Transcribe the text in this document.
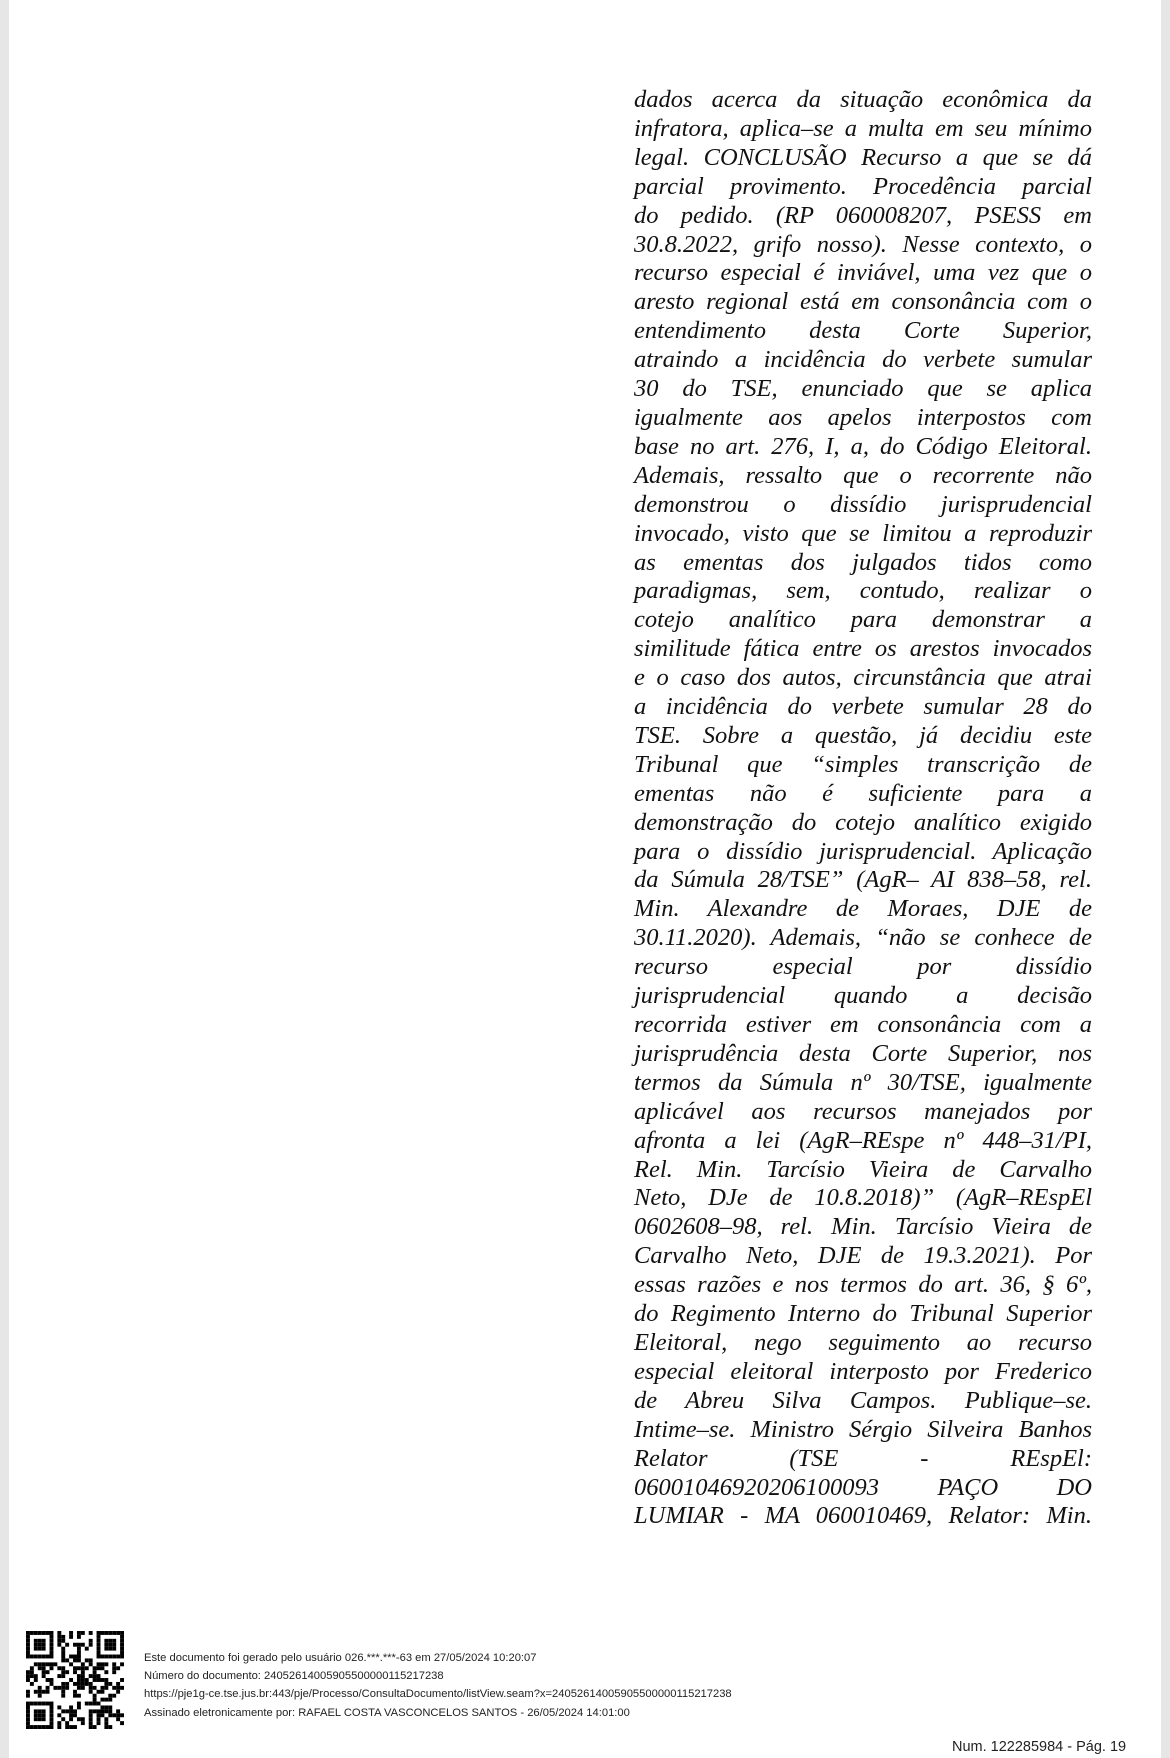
dados acerca da situação econômica da
infratora, aplica–se a multa em seu mínimo
legal. CONCLUSÃO Recurso a que se dá
parcial provimento. Procedência parcial
do pedido. (RP 060008207, PSESS em
30.8.2022, grifo nosso). Nesse contexto, o
recurso especial é inviável, uma vez que o
aresto regional está em consonância com o
entendimento desta Corte Superior,
atraindo a incidência do verbete sumular
30 do TSE, enunciado que se aplica
igualmente aos apelos interpostos com
base no art. 276, I, a, do Código Eleitoral.
Ademais, ressalto que o recorrente não
demonstrou o dissídio jurisprudencial
invocado, visto que se limitou a reproduzir
as ementas dos julgados tidos como
paradigmas, sem, contudo, realizar o
cotejo analítico para demonstrar a
similitude fática entre os arestos invocados
e o caso dos autos, circunstância que atrai
a incidência do verbete sumular 28 do
TSE. Sobre a questão, já decidiu este
Tribunal que “simples transcrição de
ementas não é suficiente para a
demonstração do cotejo analítico exigido
para o dissídio jurisprudencial. Aplicação
da Súmula 28/TSE” (AgR– AI 838–58, rel.
Min. Alexandre de Moraes, DJE de
30.11.2020). Ademais, “não se conhece de
recurso especial por dissídio
jurisprudencial quando a decisão
recorrida estiver em consonância com a
jurisprudência desta Corte Superior, nos
termos da Súmula nº 30/TSE, igualmente
aplicável aos recursos manejados por
afronta a lei (AgR–REspe nº 448–31/PI,
Rel. Min. Tarcísio Vieira de Carvalho
Neto, DJe de 10.8.2018)” (AgR–REspEl
0602608–98, rel. Min. Tarcísio Vieira de
Carvalho Neto, DJE de 19.3.2021). Por
essas razões e nos termos do art. 36, § 6º,
do Regimento Interno do Tribunal Superior
Eleitoral, nego seguimento ao recurso
especial eleitoral interposto por Frederico
de Abreu Silva Campos. Publique–se.
Intime–se. Ministro Sérgio Silveira Banhos
Relator (TSE - REspEl:
06001046920206100093 PAÇO DO
LUMIAR - MA 060010469, Relator: Min.
Este documento foi gerado pelo usuário 026.***.***-63 em 27/05/2024 10:20:07
Número do documento: 24052614005905500000115217238
https://pje1g-ce.tse.jus.br:443/pje/Processo/ConsultaDocumento/listView.seam?x=24052614005905500000115217238
Assinado eletronicamente por: RAFAEL COSTA VASCONCELOS SANTOS - 26/05/2024 14:01:00
Num. 122285984 - Pág. 19
